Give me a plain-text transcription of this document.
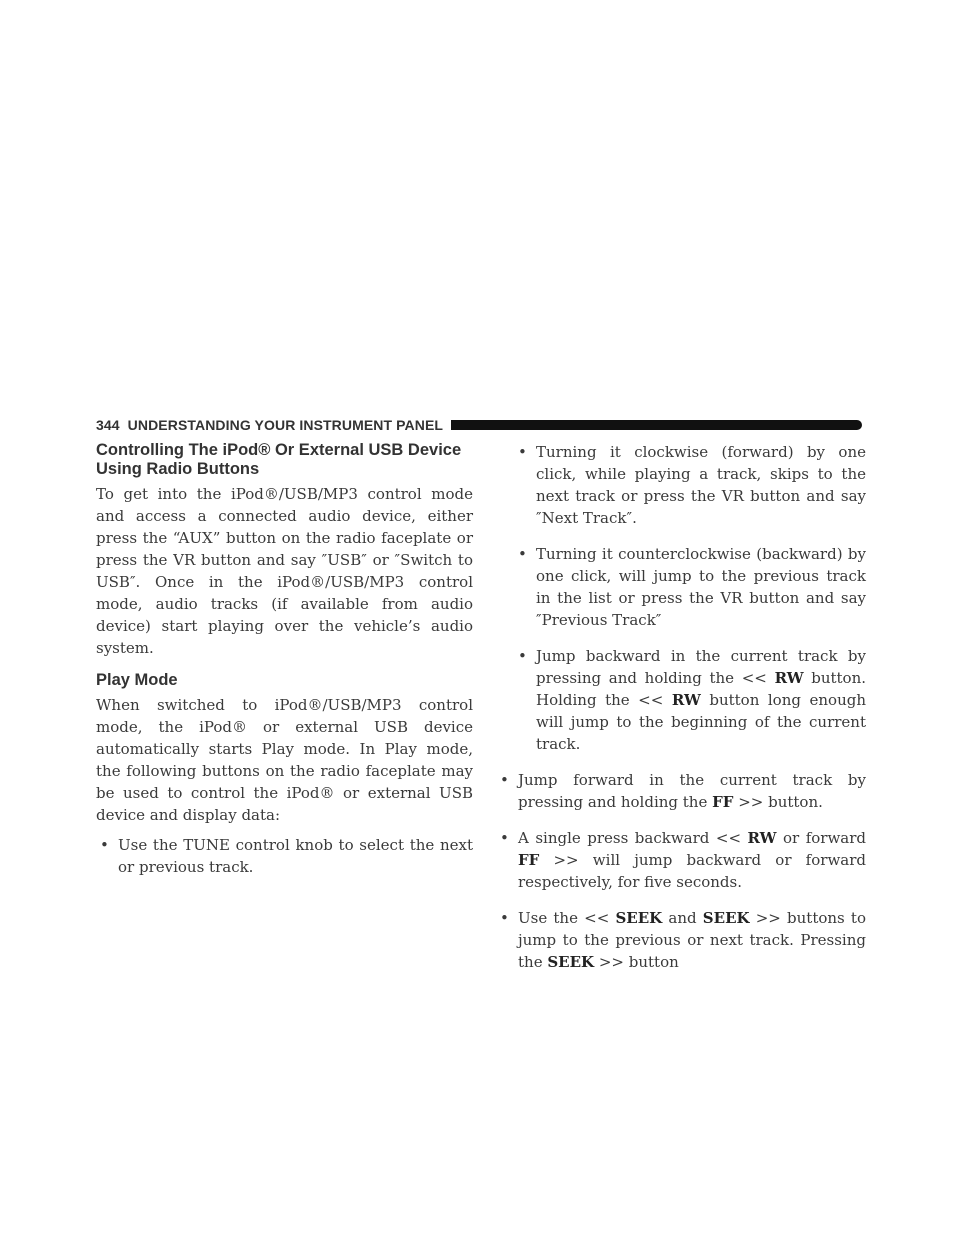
344 UNDERSTANDING YOUR INSTRUMENT PANEL
Controlling The iPod® Or External USB Device Using Radio Buttons

To get into the iPod®/USB/MP3 control mode and access a connected audio device, either press the “AUX” button on the radio faceplate or press the VR button and say ″USB″ or ″Switch to USB″. Once in the iPod®/USB/MP3 control mode, audio tracks (if available from audio device) start playing over the vehicle’s audio system.

Play Mode

When switched to iPod®/USB/MP3 control mode, the iPod® or external USB device automatically starts Play mode. In Play mode, the following buttons on the radio faceplate may be used to control the iPod® or external USB device and display data:

• Use the TUNE control knob to select the next or previous track.
• Turning it clockwise (forward) by one click, while playing a track, skips to the next track or press the VR button and say ″Next Track″.
• Turning it counterclockwise (backward) by one click, will jump to the previous track in the list or press the VR button and say ″Previous Track″
• Jump backward in the current track by pressing and holding the << RW button. Holding the << RW button long enough will jump to the beginning of the current track.
• Jump forward in the current track by pressing and holding the FF >> button.
• A single press backward << RW or forward FF >> will jump backward or forward respectively, for five seconds.
• Use the << SEEK and SEEK >> buttons to jump to the previous or next track. Pressing the SEEK >> button
